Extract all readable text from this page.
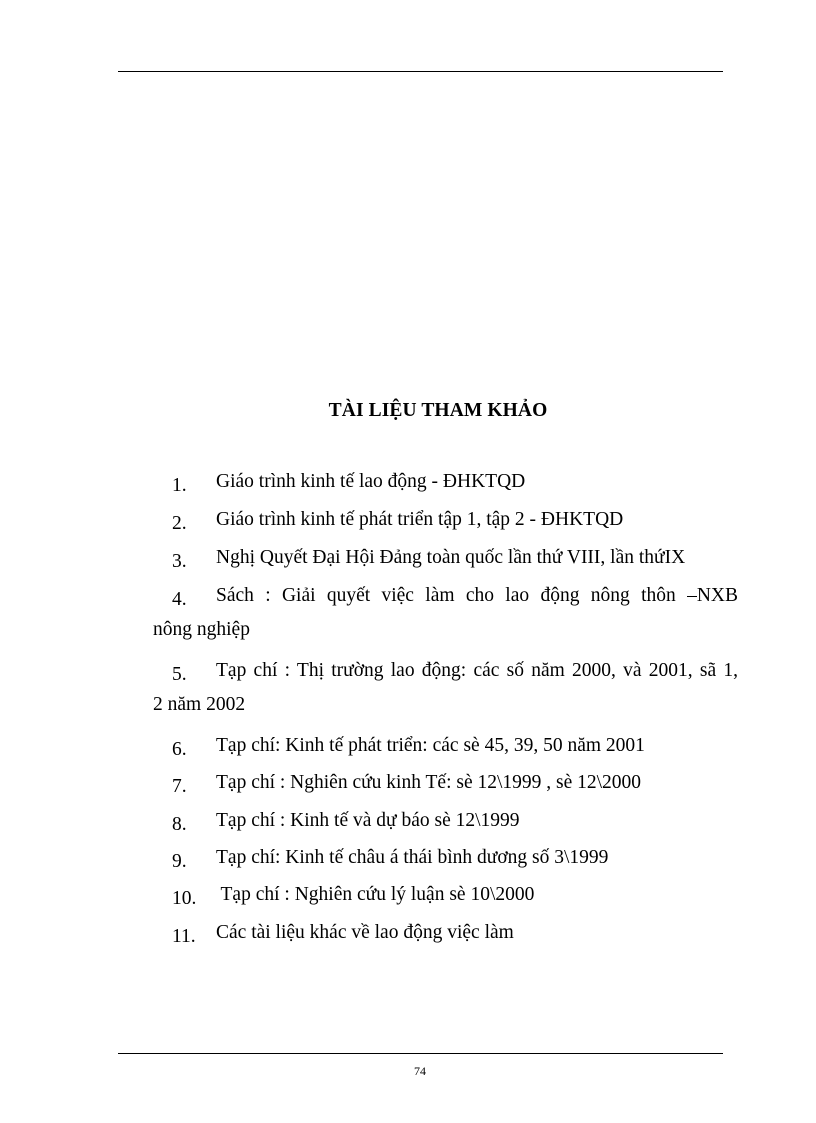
TÀI LIỆU THAM KHẢO
1. Giáo trình kinh tế lao động - ĐHKTQD
2. Giáo trình kinh tế phát triển tập 1, tập 2 - ĐHKTQD
3. Nghị Quyết Đại Hội Đảng toàn quốc lần thứ VIII, lần thứIX
4. Sách : Giải quyết việc làm cho lao động nông thôn –NXB
nông nghiệp
5. Tạp chí : Thị trường lao động: các số năm 2000, và 2001, sã 1,
2 năm 2002
6. Tạp chí: Kinh tế phát triển: các sè 45, 39, 50 năm 2001
7. Tạp chí : Nghiên cứu kinh Tế: sè 12\1999 , sè 12\2000
8. Tạp chí : Kinh tế và dự báo sè 12\1999
9. Tạp chí: Kinh tế châu á thái bình dương số 3\1999
10. Tạp chí : Nghiên cứu lý luận sè 10\2000
11. Các tài liệu khác về lao động việc làm
74
